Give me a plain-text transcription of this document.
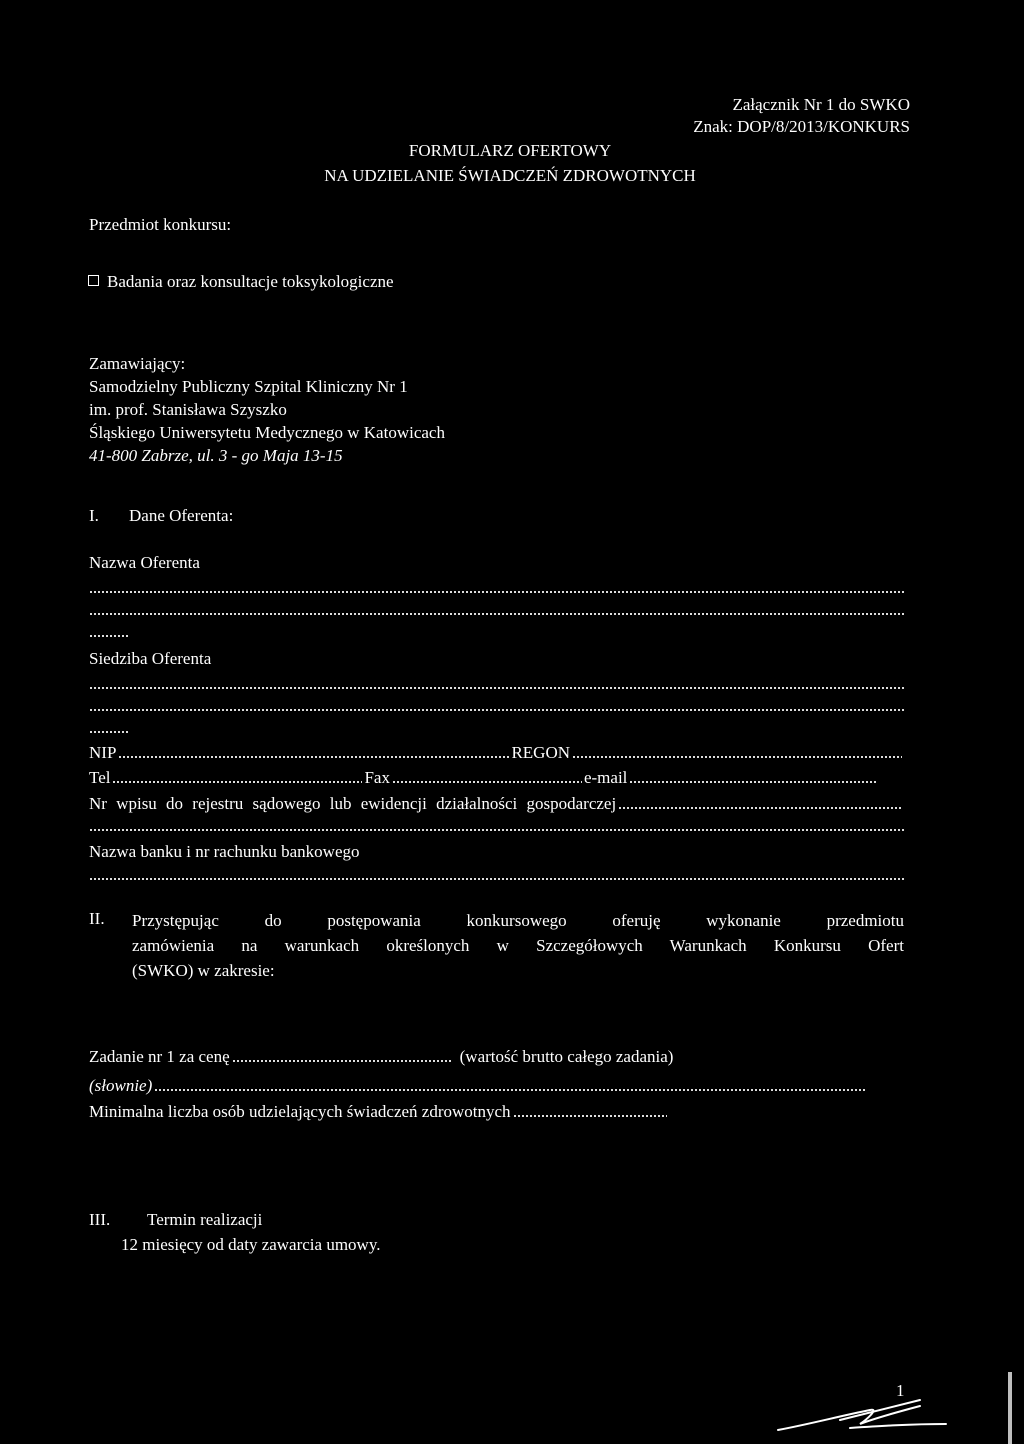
Załącznik Nr 1 do SWKO
Znak: DOP/8/2013/KONKURS
FORMULARZ OFERTOWY
NA UDZIELANIE ŚWIADCZEŃ ZDROWOTNYCH
Przedmiot konkursu:
Badania oraz konsultacje toksykologiczne
Zamawiający:
Samodzielny Publiczny Szpital Kliniczny Nr 1
im. prof. Stanisława Szyszko
Śląskiego Uniwersytetu Medycznego w Katowicach
41-800 Zabrze, ul. 3 - go Maja 13-15
I. Dane Oferenta:
Nazwa Oferenta
Siedziba Oferenta
NIP	REGON
Tel	Fax	e-mail
Nr wpisu do rejestru sądowego lub ewidencji działalności gospodarczej
Nazwa banku i nr rachunku bankowego
II. Przystępując do postępowania konkursowego oferuję wykonanie przedmiotu
zamówienia na warunkach określonych w Szczegółowych Warunkach Konkursu Ofert
(SWKO) w zakresie:
Zadanie nr 1 za cenę	(wartość brutto całego zadania)
(słownie)
Minimalna liczba osób udzielających świadczeń zdrowotnych
III. Termin realizacji
12 miesięcy od daty zawarcia umowy.
1
